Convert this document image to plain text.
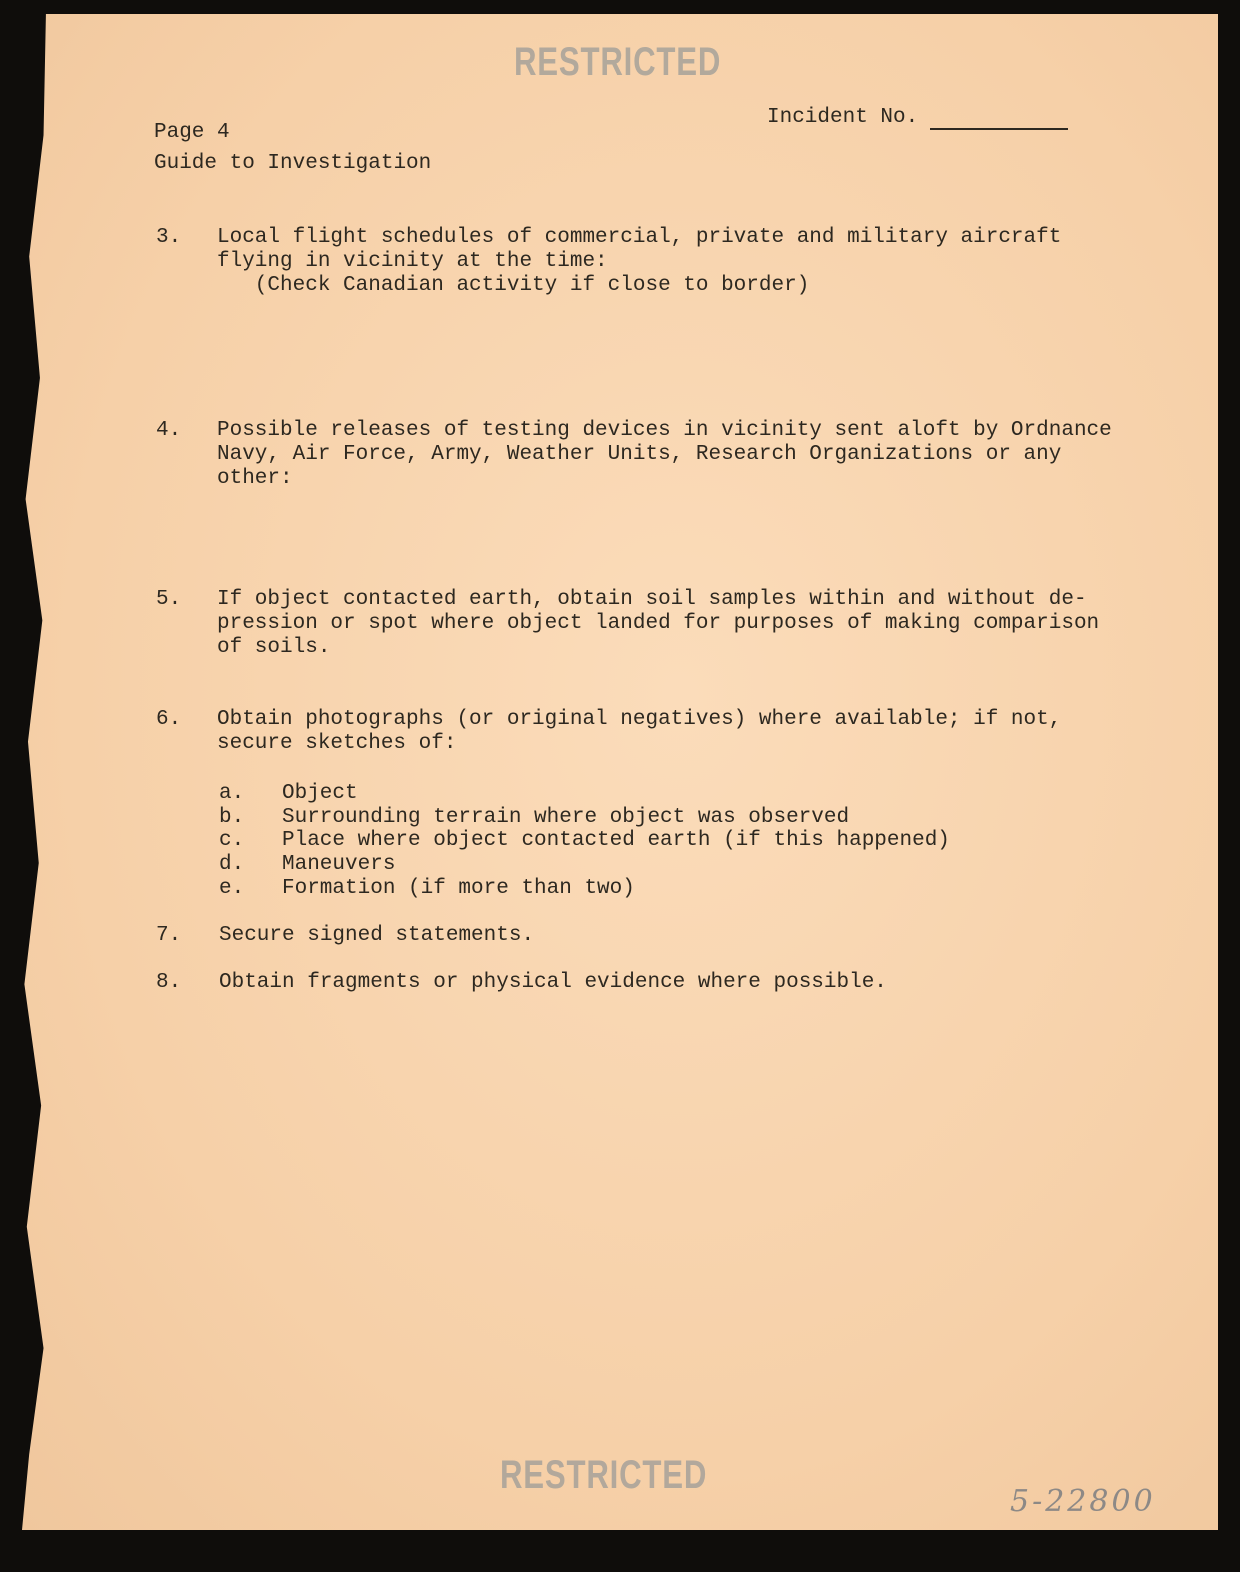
RESTRICTED
Page 4
Guide to Investigation
Incident No.
3. Local flight schedules of commercial, private and military aircraft
flying in vicinity at the time:
(Check Canadian activity if close to border)
4. Possible releases of testing devices in vicinity sent aloft by Ordnance
Navy, Air Force, Army, Weather Units, Research Organizations or any
other:
5. If object contacted earth, obtain soil samples within and without de-
pression or spot where object landed for purposes of making comparison
of soils.
6. Obtain photographs (or original negatives) where available; if not,
secure sketches of:
a. Object
b. Surrounding terrain where object was observed
c. Place where object contacted earth (if this happened)
d. Maneuvers
e. Formation (if more than two)
7. Secure signed statements.
8. Obtain fragments or physical evidence where possible.
RESTRICTED
5-22800
